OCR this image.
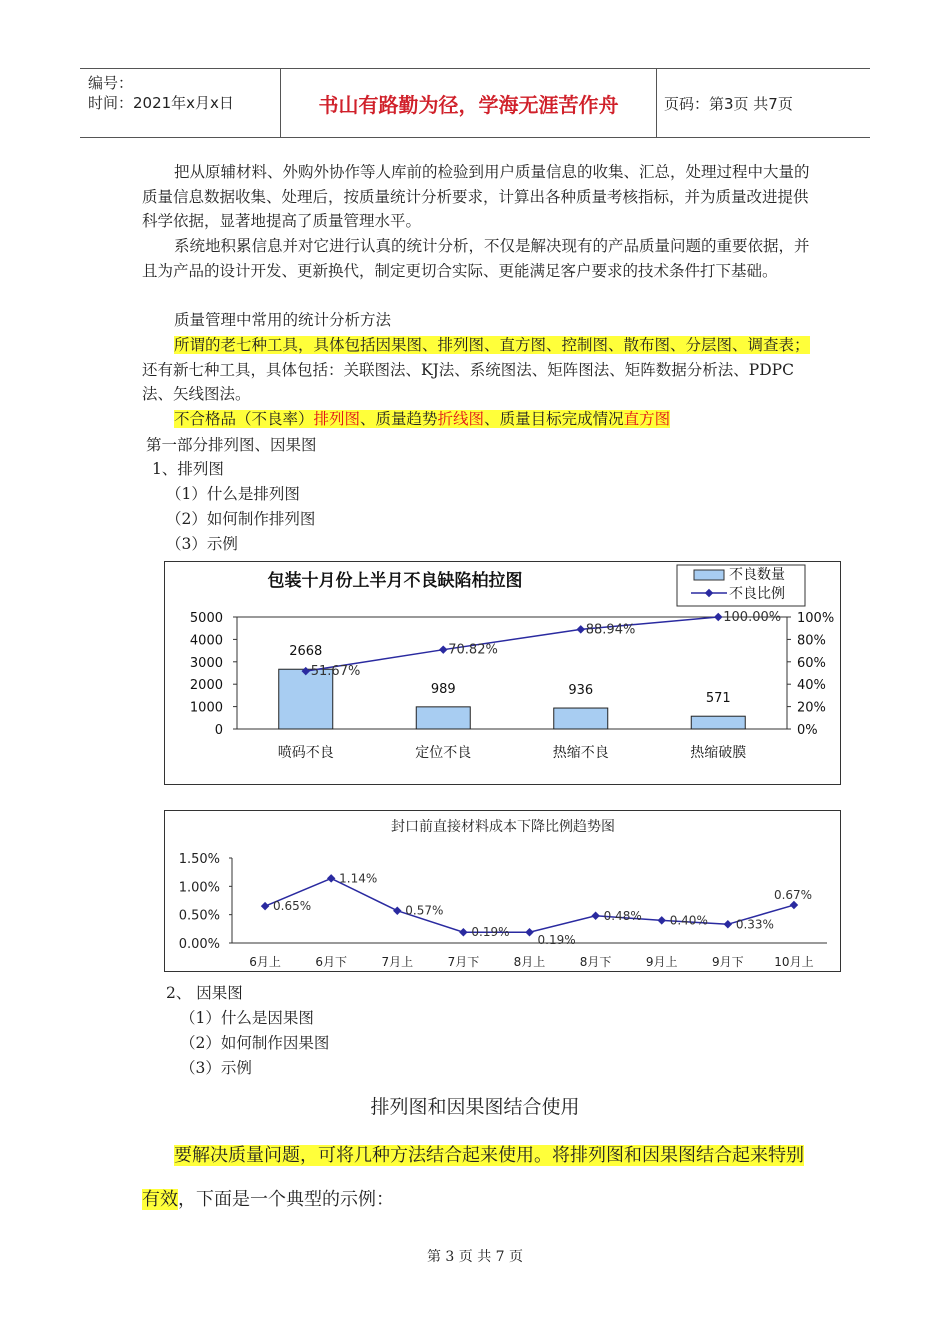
编号：
时间：2021年x月x日	书山有路勤为径，学海无涯苦作舟	页码：第3页 共7页

把从原辅材料、外购外协作等人库前的检验到用户质量信息的收集、汇总，处理过程中大量的质量信息数据收集、处理后，按质量统计分析要求，计算出各种质量考核指标，并为质量改进提供科学依据，显著地提高了质量管理水平。

系统地积累信息并对它进行认真的统计分析，不仅是解决现有的产品质量问题的重要依据，并且为产品的设计开发、更新换代，制定更切合实际、更能满足客户要求的技术条件打下基础。

质量管理中常用的统计分析方法

所谓的老七种工具，具体包括因果图、排列图、直方图、控制图、散布图、分层图、调查表；还有新七种工具，具体包括：关联图法、KJ法、系统图法、矩阵图法、矩阵数据分析法、PDPC法、矢线图法。

不合格品（不良率）排列图、质量趋势折线图、质量目标完成情况直方图

第一部分排列图、因果图
1、排列图
（1）什么是排列图
（2）如何制作排列图
（3）示例
包装十月份上半月不良缺陷柏拉图	不良数量
不良比例
0
1000
2000
3000
4000
5000
0%
20%
40%
60%
80%
100%
2668
喷码不良
989
定位不良
936
热缩不良
571
热缩破膜
51.67%
70.82%
88.94%
100.00%
封口前直接材料成本下降比例趋势图
0.00%
0.50%
1.00%
1.50%
6月上	6月下	7月上	7月下	8月上	8月下	9月上	9月下	10月上
0.65%
1.14%
0.57%
0.19%
0.19%
0.48% 0.40% 0.33%
0.67%
2、 因果图
（1）什么是因果图
（2）如何制作因果图
（3）示例
排列图和因果图结合使用

要解决质量问题，可将几种方法结合起来使用。将排列图和因果图结合起来特别有效，下面是一个典型的示例：

第 3 页 共 7 页
